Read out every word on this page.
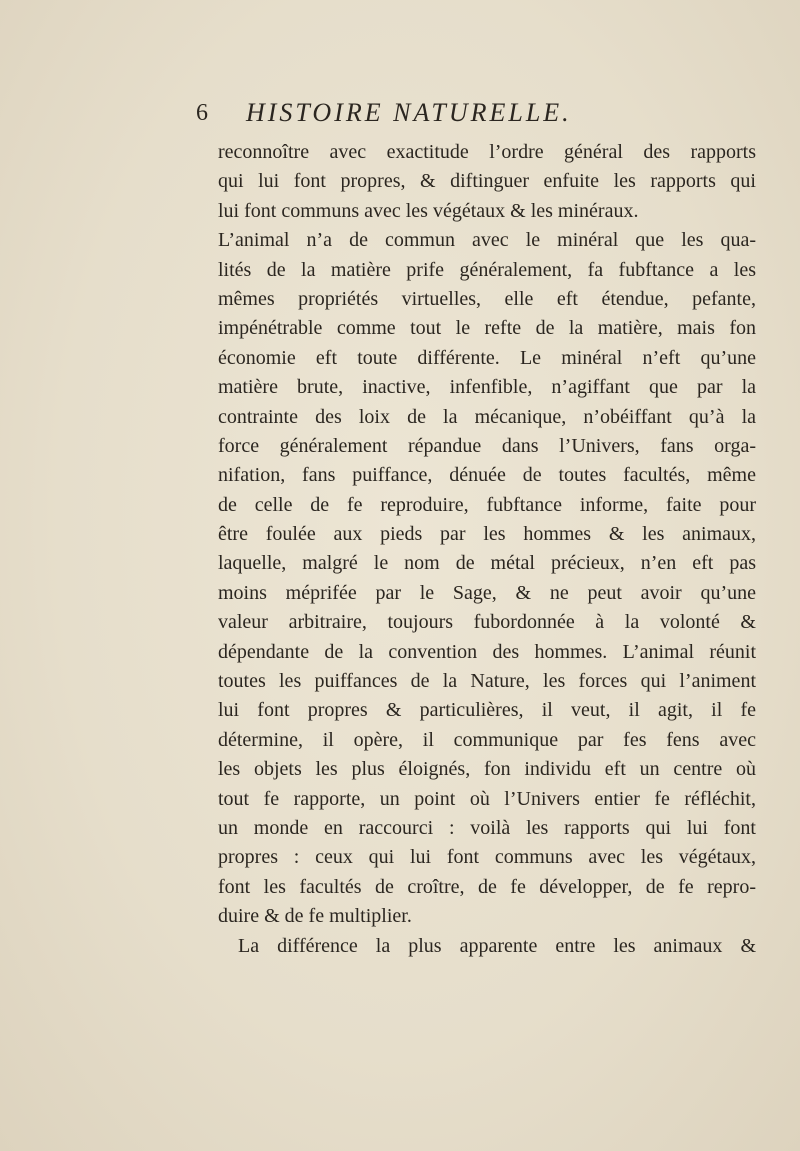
6 HISTOIRE NATURELLE.
reconnoître avec exactitude l’ordre général des rapports
qui lui font propres, & diftinguer enfuite les rapports qui
lui font communs avec les végétaux & les minéraux.
L’animal n’a de commun avec le minéral que les qua-
lités de la matière prife généralement, fa fubftance a les
mêmes propriétés virtuelles, elle eft étendue, pefante,
impénétrable comme tout le refte de la matière, mais fon
économie eft toute différente. Le minéral n’eft qu’une
matière brute, inactive, infenfible, n’agiffant que par la
contrainte des loix de la mécanique, n’obéiffant qu’à la
force généralement répandue dans l’Univers, fans orga-
nifation, fans puiffance, dénuée de toutes facultés, même
de celle de fe reproduire, fubftance informe, faite pour
être foulée aux pieds par les hommes & les animaux,
laquelle, malgré le nom de métal précieux, n’en eft pas
moins méprifée par le Sage, & ne peut avoir qu’une
valeur arbitraire, toujours fubordonnée à la volonté &
dépendante de la convention des hommes. L’animal réunit
toutes les puiffances de la Nature, les forces qui l’animent
lui font propres & particulières, il veut, il agit, il fe
détermine, il opère, il communique par fes fens avec
les objets les plus éloignés, fon individu eft un centre où
tout fe rapporte, un point où l’Univers entier fe réfléchit,
un monde en raccourci : voilà les rapports qui lui font
propres : ceux qui lui font communs avec les végétaux,
font les facultés de croître, de fe développer, de fe repro-
duire & de fe multiplier.
La différence la plus apparente entre les animaux &
